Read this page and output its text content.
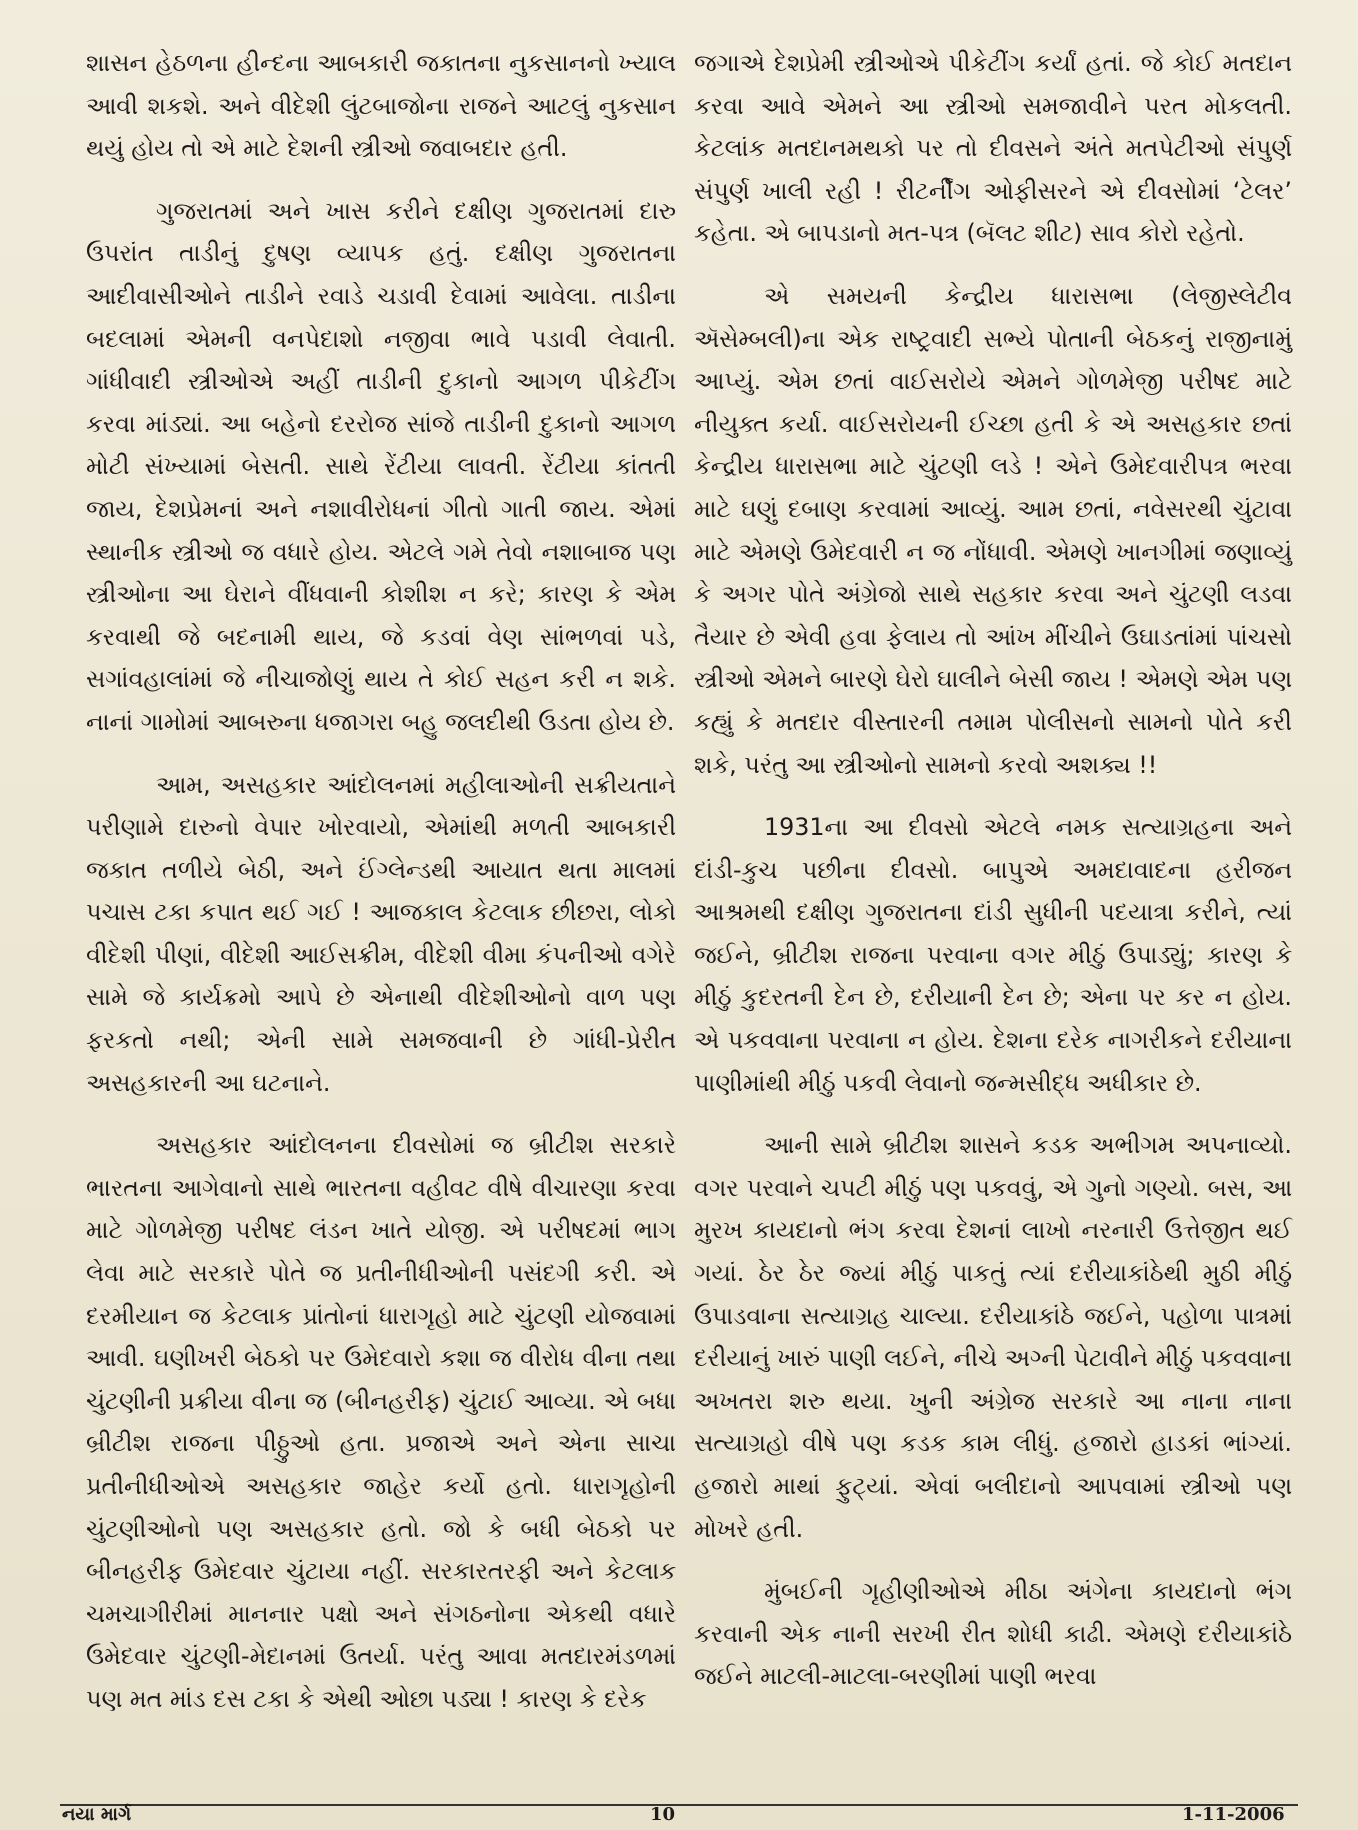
શાસન હેઠળના હીન્દના આબકારી જકાતના નુકસાનનો ખ્યાલ આવી શકશે. અને વીદેશી લુંટબાજોના રાજને આટલું નુકસાન થયું હોય તો એ માટે દેશની સ્ત્રીઓ જવાબદાર હતી.

ગુજરાતમાં અને ખાસ કરીને દક્ષીણ ગુજરાતમાં દારુ ઉપરાંત તાડીનું દુષણ વ્યાપક હતું. દક્ષીણ ગુજરાતના આદીવાસીઓને તાડીને રવાડે ચડાવી દેવામાં આવેલા. તાડીના બદલામાં એમની વનપેદાશો નજીવા ભાવે પડાવી લેવાતી. ગાંધીવાદી સ્ત્રીઓએ અહીં તાડીની દુકાનો આગળ પીકેટીંગ કરવા માંડ્યાં. આ બહેનો દરરોજ સાંજે તાડીની દુકાનો આગળ મોટી સંખ્યામાં બેસતી. સાથે રેંટીયા લાવતી. રેંટીયા કાંતતી જાય, દેશપ્રેમનાં અને નશાવીરોધનાં ગીતો ગાતી જાય. એમાં સ્થાનીક સ્ત્રીઓ જ વધારે હોય. એટલે ગમે તેવો નશાબાજ પણ સ્ત્રીઓના આ ઘેરાને વીંધવાની કોશીશ ન કરે; કારણ કે એમ કરવાથી જે બદનામી થાય, જે કડવાં વેણ સાંભળવાં પડે, સગાંવહાલાંમાં જે નીચાજોણું થાય તે કોઈ સહન કરી ન શકે. નાનાં ગામોમાં આબરુના ધજાગરા બહુ જલદીથી ઉડતા હોય છે.

આમ, અસહકાર આંદોલનમાં મહીલાઓની સક્રીયતાને પરીણામે દારુનો વેપાર ખોરવાયો, એમાંથી મળતી આબકારી જકાત તળીયે બેઠી, અને ઈંગ્લેન્ડથી આયાત થતા માલમાં પચાસ ટકા કપાત થઈ ગઈ ! આજકાલ કેટલાક છીછરા, લોકો વીદેશી પીણાં, વીદેશી આઈસક્રીમ, વીદેશી વીમા કંપનીઓ વગેરે સામે જે કાર્યક્રમો આપે છે એનાથી વીદેશીઓનો વાળ પણ ફરકતો નથી; એની સામે સમજવાની છે ગાંધી-પ્રેરીત અસહકારની આ ઘટનાને.

અસહકાર આંદોલનના દીવસોમાં જ બ્રીટીશ સરકારે ભારતના આગેવાનો સાથે ભારતના વહીવટ વીષે વીચારણા કરવા માટે ગોળમેજી પરીષદ લંડન ખાતે યોજી. એ પરીષદમાં ભાગ લેવા માટે સરકારે પોતે જ પ્રતીનીધીઓની પસંદગી કરી. એ દરમીયાન જ કેટલાક પ્રાંતોનાં ધારાગૃહો માટે ચુંટણી યોજવામાં આવી. ઘણીખરી બેઠકો પર ઉમેદવારો કશા જ વીરોધ વીના તથા ચુંટણીની પ્રક્રીયા વીના જ (બીનહરીફ) ચુંટાઈ આવ્યા. એ બધા બ્રીટીશ રાજના પીઠ્ઠુઓ હતા. પ્રજાએ અને એના સાચા પ્રતીનીધીઓએ અસહકાર જાહેર કર્યો હતો. ધારાગૃહોની ચુંટણીઓનો પણ અસહકાર હતો. જો કે બધી બેઠકો પર બીનહરીફ ઉમેદવાર ચુંટાયા નહીં. સરકારતરફી અને કેટલાક ચમચાગીરીમાં માનનાર પક્ષો અને સંગઠનોના એકથી વધારે ઉમેદવાર ચુંટણી-મેદાનમાં ઉતર્યા. પરંતુ આવા મતદારમંડળમાં પણ મત માંડ દસ ટકા કે એથી ઓછા પડ્યા ! કારણ કે દરેક

જગાએ દેશપ્રેમી સ્ત્રીઓએ પીકેટીંગ કર્યાં હતાં. જે કોઈ મતદાન કરવા આવે એમને આ સ્ત્રીઓ સમજાવીને પરત મોકલતી. કેટલાંક મતદાનમથકો પર તો દીવસને અંતે મતપેટીઓ સંપુર્ણ સંપુર્ણ ખાલી રહી ! રીટર્નીંગ ઓફીસરને એ દીવસોમાં ‘ટેલર’ કહેતા. એ બાપડાનો મત-પત્ર (બૅલટ શીટ) સાવ કોરો રહેતો.

એ સમયની કેન્દ્રીય ધારાસભા (લેજીસ્લેટીવ ઍસેમ્બલી)ના એક રાષ્ટ્રવાદી સભ્યે પોતાની બેઠકનું રાજીનામું આપ્યું. એમ છતાં વાઈસરોયે એમને ગોળમેજી પરીષદ માટે નીયુક્ત કર્યા. વાઈસરોયની ઈચ્છા હતી કે એ અસહકાર છતાં કેન્દ્રીય ધારાસભા માટે ચુંટણી લડે ! એને ઉમેદવારીપત્ર ભરવા માટે ઘણું દબાણ કરવામાં આવ્યું. આમ છતાં, નવેસરથી ચુંટાવા માટે એમણે ઉમેદવારી ન જ નોંધાવી. એમણે ખાનગીમાં જણાવ્યું કે અગર પોતે અંગ્રેજો સાથે સહકાર કરવા અને ચુંટણી લડવા તૈયાર છે એવી હવા ફેલાય તો આંખ મીંચીને ઉઘાડતાંમાં પાંચસો સ્ત્રીઓ એમને બારણે ઘેરો ઘાલીને બેસી જાય ! એમણે એમ પણ કહ્યું કે મતદાર વીસ્તારની તમામ પોલીસનો સામનો પોતે કરી શકે, પરંતુ આ સ્ત્રીઓનો સામનો કરવો અશક્ય !!

1931ના આ દીવસો એટલે નમક સત્યાગ્રહના અને દાંડી-કુચ પછીના દીવસો. બાપુએ અમદાવાદના હરીજન આશ્રમથી દક્ષીણ ગુજરાતના દાંડી સુધીની પદયાત્રા કરીને, ત્યાં જઈને, બ્રીટીશ રાજના પરવાના વગર મીઠું ઉપાડ્યું; કારણ કે મીઠું કુદરતની દેન છે, દરીયાની દેન છે; એના પર કર ન હોય. એ પકવવાના પરવાના ન હોય. દેશના દરેક નાગરીકને દરીયાના પાણીમાંથી મીઠું પકવી લેવાનો જન્મસીદ્ધ અધીકાર છે.

આની સામે બ્રીટીશ શાસને કડક અભીગમ અપનાવ્યો. વગર પરવાને ચપટી મીઠું પણ પકવવું, એ ગુનો ગણ્યો. બસ, આ મુરખ કાયદાનો ભંગ કરવા દેશનાં લાખો નરનારી ઉત્તેજીત થઈ ગયાં. ઠેર ઠેર જ્યાં મીઠું પાકતું ત્યાં દરીયાકાંઠેથી મુઠી મીઠું ઉપાડવાના સત્યાગ્રહ ચાલ્યા. દરીયાકાંઠે જઈને, પહોળા પાત્રમાં દરીયાનું ખારું પાણી લઈને, નીચે અગ્ની પેટાવીને મીઠું પકવવાના અખતરા શરુ થયા. ખુની અંગ્રેજ સરકારે આ નાના નાના સત્યાગ્રહો વીષે પણ કડક કામ લીધું. હજારો હાડકાં ભાંગ્યાં. હજારો માથાં ફુટ્યાં. એવાં બલીદાનો આપવામાં સ્ત્રીઓ પણ મોખરે હતી.

મુંબઈની ગૃહીણીઓએ મીઠા અંગેના કાયદાનો ભંગ કરવાની એક નાની સરખી રીત શોધી કાઢી. એમણે દરીયાકાંઠે જઈને માટલી-માટલા-બરણીમાં પાણી ભરવા

નયા માર્ગ	10	1-11-2006
